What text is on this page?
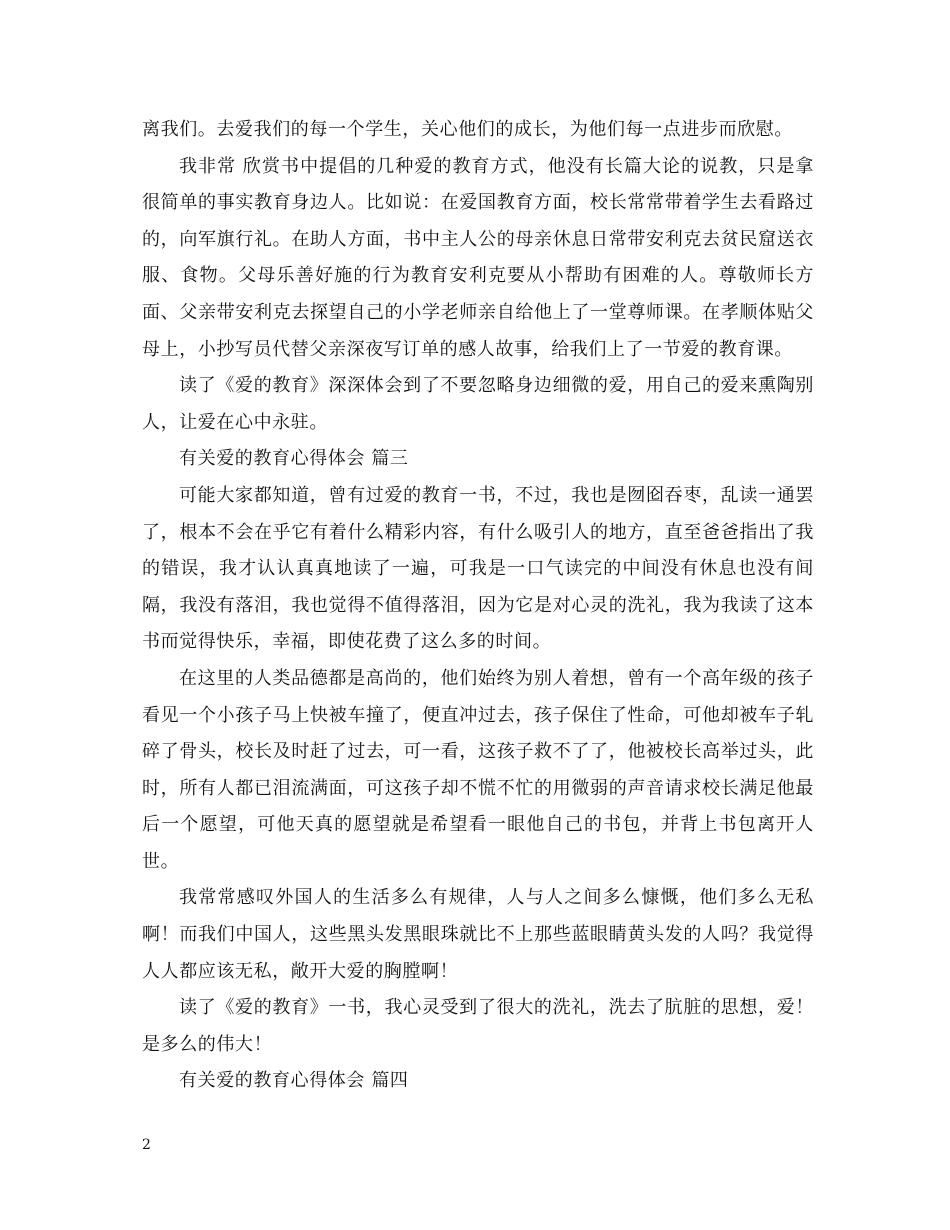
离我们。去爱我们的每一个学生，关心他们的成长，为他们每一点进步而欣慰。

我非常 欣赏书中提倡的几种爱的教育方式，他没有长篇大论的说教，只是拿很简单的事实教育身边人。比如说：在爱国教育方面，校长常常带着学生去看路过的，向军旗行礼。在助人方面，书中主人公的母亲休息日常带安利克去贫民窟送衣服、食物。父母乐善好施的行为教育安利克要从小帮助有困难的人。尊敬师长方面、父亲带安利克去探望自己的小学老师亲自给他上了一堂尊师课。在孝顺体贴父母上，小抄写员代替父亲深夜写订单的感人故事，给我们上了一节爱的教育课。

读了《爱的教育》深深体会到了不要忽略身边细微的爱，用自己的爱来熏陶别人，让爱在心中永驻。

有关爱的教育心得体会 篇三

可能大家都知道，曾有过爱的教育一书，不过，我也是囫囵吞枣，乱读一通罢了，根本不会在乎它有着什么精彩内容，有什么吸引人的地方，直至爸爸指出了我的错误，我才认认真真地读了一遍，可我是一口气读完的中间没有休息也没有间隔，我没有落泪，我也觉得不值得落泪，因为它是对心灵的洗礼，我为我读了这本书而觉得快乐，幸福，即使花费了这么多的时间。

在这里的人类品德都是高尚的，他们始终为别人着想，曾有一个高年级的孩子看见一个小孩子马上快被车撞了，便直冲过去，孩子保住了性命，可他却被车子轧碎了骨头，校长及时赶了过去，可一看，这孩子救不了了，他被校长高举过头，此时，所有人都已泪流满面，可这孩子却不慌不忙的用微弱的声音请求校长满足他最后一个愿望，可他天真的愿望就是希望看一眼他自己的书包，并背上书包离开人世。

我常常感叹外国人的生活多么有规律，人与人之间多么慷慨，他们多么无私啊！而我们中国人，这些黑头发黑眼珠就比不上那些蓝眼睛黄头发的人吗？我觉得人人都应该无私，敞开大爱的胸膛啊！

读了《爱的教育》一书，我心灵受到了很大的洗礼，洗去了肮脏的思想，爱！是多么的伟大！

有关爱的教育心得体会 篇四

2
